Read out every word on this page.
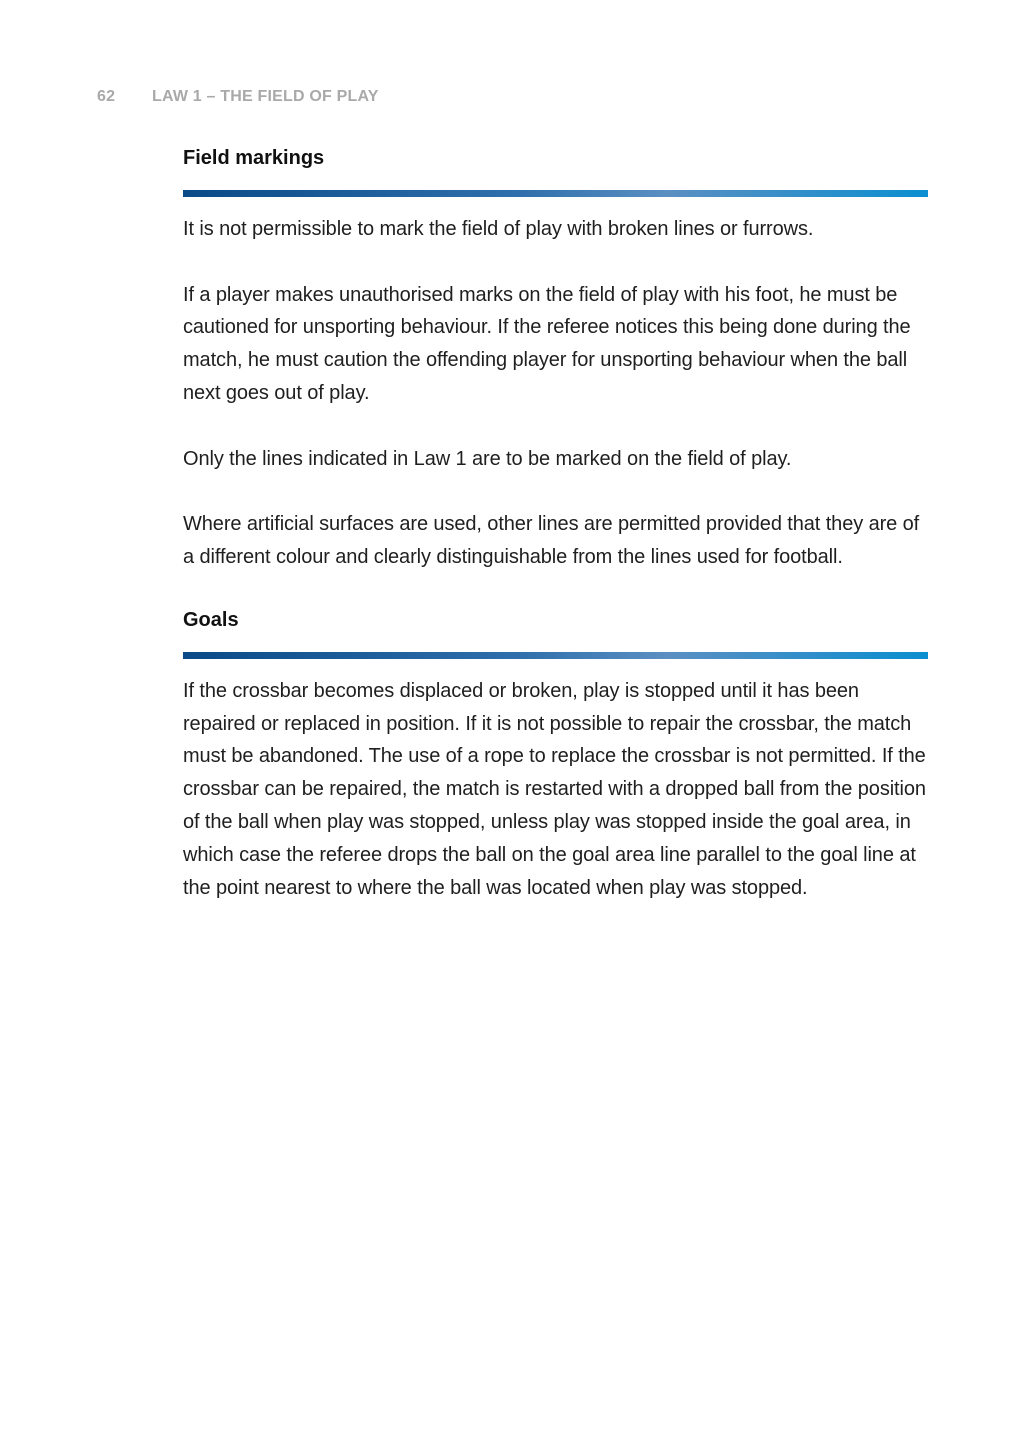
62 LAW 1 – THE FIELD OF PLAY
Field markings

It is not permissible to mark the field of play with broken lines or furrows.

If a player makes unauthorised marks on the field of play with his foot, he must be cautioned for unsporting behaviour. If the referee notices this being done during the match, he must caution the offending player for unsporting behaviour when the ball next goes out of play.

Only the lines indicated in Law 1 are to be marked on the field of play.

Where artificial surfaces are used, other lines are permitted provided that they are of a different colour and clearly distinguishable from the lines used for football.

Goals

If the crossbar becomes displaced or broken, play is stopped until it has been repaired or replaced in position. If it is not possible to repair the crossbar, the match must be abandoned. The use of a rope to replace the crossbar is not permitted. If the crossbar can be repaired, the match is restarted with a dropped ball from the position of the ball when play was stopped, unless play was stopped inside the goal area, in which case the referee drops the ball on the goal area line parallel to the goal line at the point nearest to where the ball was located when play was stopped.
